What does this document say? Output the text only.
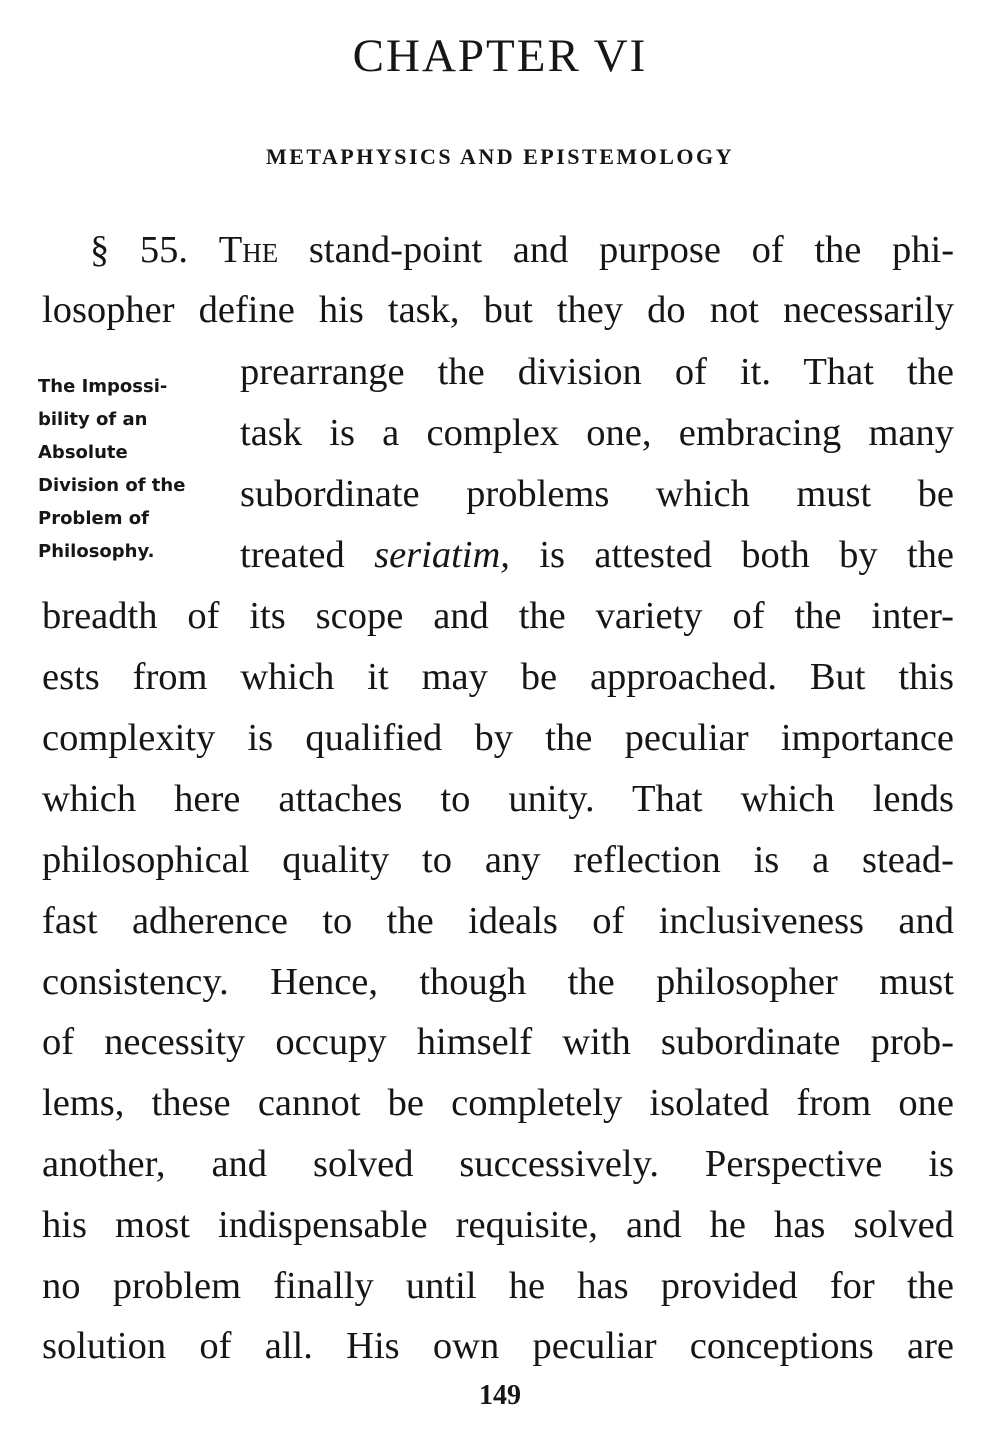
CHAPTER VI
METAPHYSICS AND EPISTEMOLOGY
§ 55. The stand-point and purpose of the phi-
losopher define his task, but they do not necessarily
prearrange the division of it. That the
task is a complex one, embracing many
subordinate problems which must be
treated seriatim, is attested both by the
breadth of its scope and the variety of the inter-
ests from which it may be approached. But this
complexity is qualified by the peculiar importance
which here attaches to unity. That which lends
philosophical quality to any reflection is a stead-
fast adherence to the ideals of inclusiveness and
consistency. Hence, though the philosopher must
of necessity occupy himself with subordinate prob-
lems, these cannot be completely isolated from one
another, and solved successively. Perspective is
his most indispensable requisite, and he has solved
no problem finally until he has provided for the
solution of all. His own peculiar conceptions are
The Impossi-
bility of an
Absolute
Division of the
Problem of
Philosophy.
149
